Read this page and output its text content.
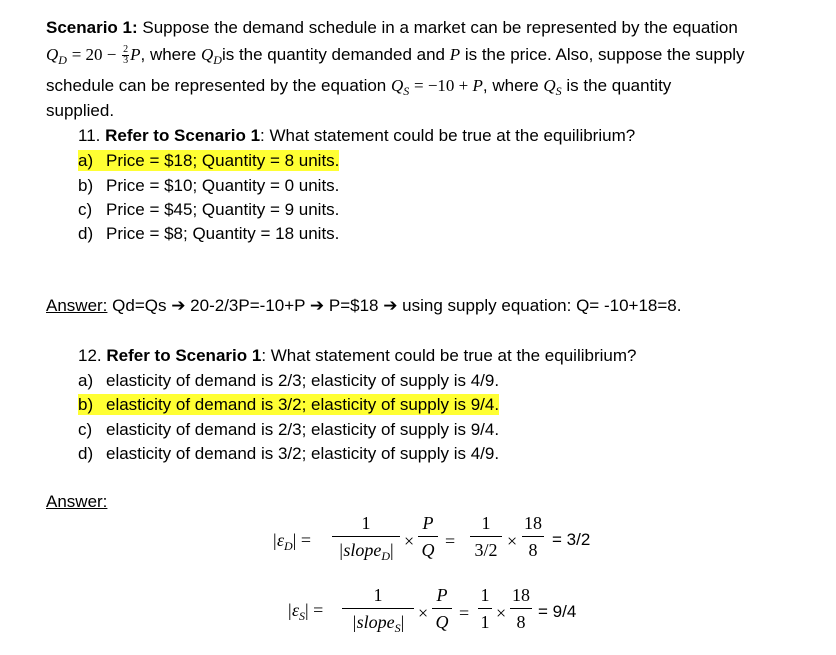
Scenario 1: Suppose the demand schedule in a market can be represented by the equation
$Q_D = 20 - \frac{2}{3} P$, where $Q_Dis$ the quantity demanded and P is the price. Also, suppose the supply
schedule can be represented by the equation $Q_S = -10 + P$, where $Q_S$ is the quantity
supplied.
11. Refer to Scenario 1: What statement could be true at the equilibrium?
a) Price = $18; Quantity = 8 units.
b) Price = $10; Quantity = 0 units.
c) Price = $45; Quantity = 9 units.
d) Price = $8; Quantity = 18 units.
Answer: Qd=Qs ➔ 20-2/3P=-10+P ➔ P=$18 ➔ using supply equation: Q= -10+18=8.
12. Refer to Scenario 1: What statement could be true at the equilibrium?
a) elasticity of demand is 2/3; elasticity of supply is 4/9.
b) elasticity of demand is 3/2; elasticity of supply is 9/4.
c) elasticity of demand is 2/3; elasticity of supply is 9/4.
d) elasticity of demand is 3/2; elasticity of supply is 4/9.
Answer:
$|\varepsilon_D|$ =
1
|slope$_D$| ×
P
Q =
1
3/2 ×
18
8
= 3/2
$|\varepsilon_S|$ =
1
|slope$_S$| ×
P
Q =
1
1 ×
18
8
= 9/4
